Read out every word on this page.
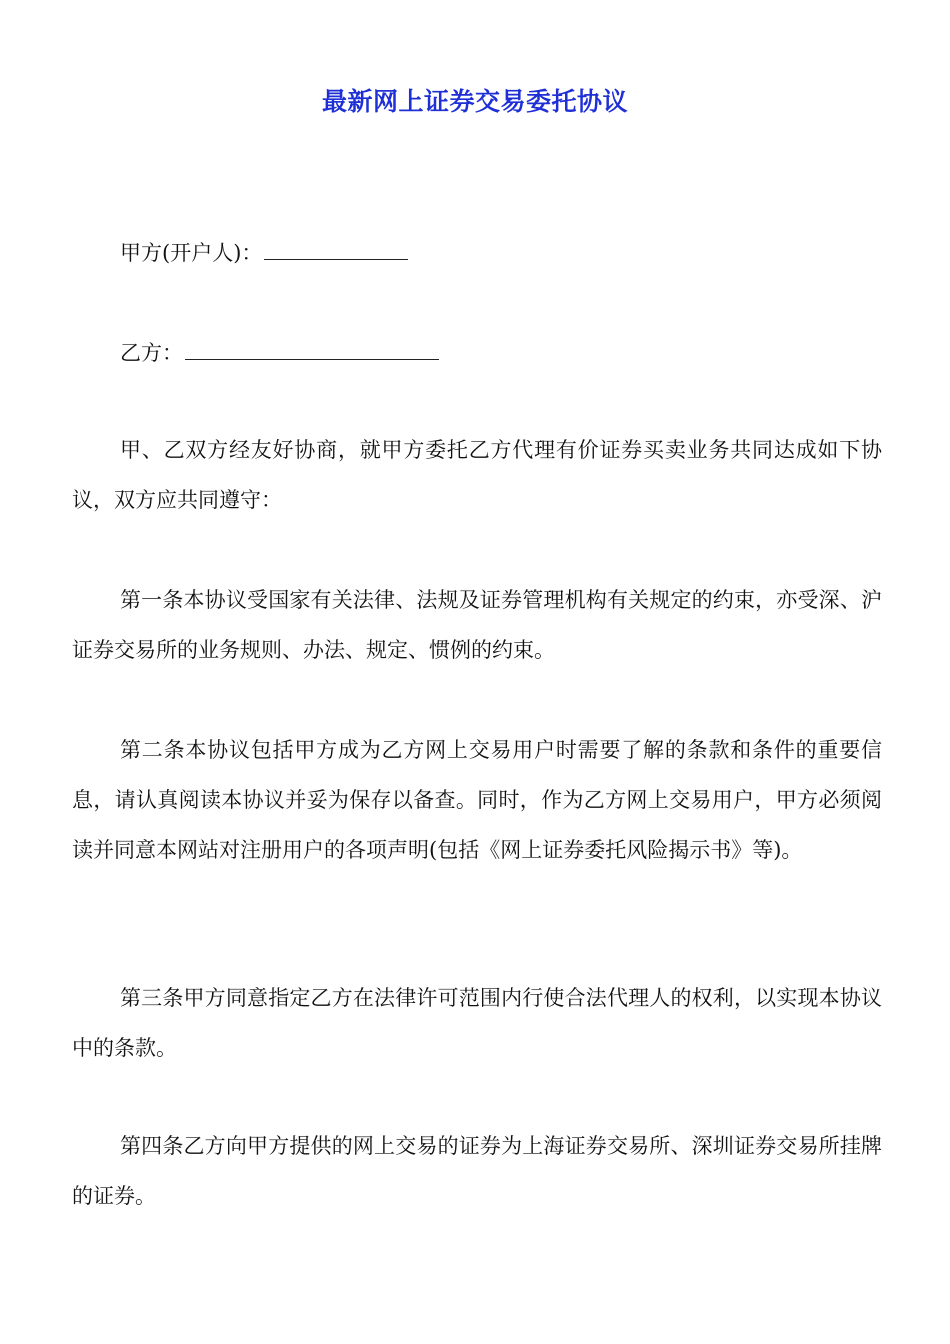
最新网上证券交易委托协议

甲方(开户人)：

乙方：

甲、乙双方经友好协商，就甲方委托乙方代理有价证券买卖业务共同达成如下协议，双方应共同遵守：

第一条本协议受国家有关法律、法规及证券管理机构有关规定的约束，亦受深、沪证券交易所的业务规则、办法、规定、惯例的约束。

第二条本协议包括甲方成为乙方网上交易用户时需要了解的条款和条件的重要信息，请认真阅读本协议并妥为保存以备查。同时，作为乙方网上交易用户，甲方必须阅读并同意本网站对注册用户的各项声明(包括《网上证券委托风险揭示书》等)。

第三条甲方同意指定乙方在法律许可范围内行使合法代理人的权利，以实现本协议中的条款。

第四条乙方向甲方提供的网上交易的证券为上海证券交易所、深圳证券交易所挂牌的证券。
